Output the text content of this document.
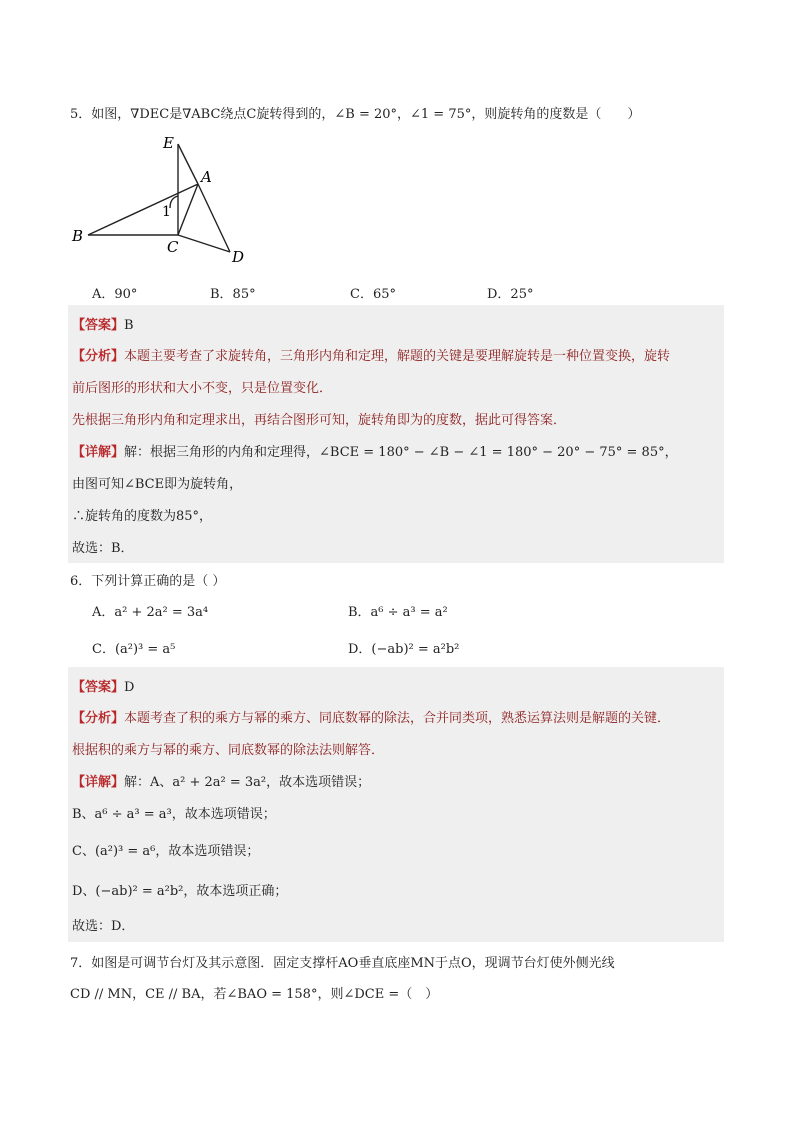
5．如图，∇DEC是∇ABC绕点C旋转得到的，∠B = 20°，∠1 = 75°，则旋转角的度数是（　　）
E
A
1
B
C
D
A．90°	B．85°	C．65°	D．25°
【答案】B
【分析】本题主要考查了求旋转角，三角形内角和定理，解题的关键是要理解旋转是一种位置变换，旋转
前后图形的形状和大小不变，只是位置变化．
先根据三角形内角和定理求出，再结合图形可知，旋转角即为的度数，据此可得答案．
【详解】解：根据三角形的内角和定理得，∠BCE = 180° − ∠B − ∠1 = 180° − 20° − 75° = 85°，
由图可知∠BCE即为旋转角，
∴旋转角的度数为85°，
故选：B．
6．下列计算正确的是（ ）
A．a² + 2a² = 3a⁴	B．a⁶ ÷ a³ = a²
C．(a²)³ = a⁵	D．(−ab)² = a²b²
【答案】D
【分析】本题考查了积的乘方与幂的乘方、同底数幂的除法，合并同类项，熟悉运算法则是解题的关键．
根据积的乘方与幂的乘方、同底数幂的除法法则解答．
【详解】解：A、a² + 2a² = 3a²，故本选项错误；
B、a⁶ ÷ a³ = a³，故本选项错误；
C、(a²)³ = a⁶，故本选项错误；
D、(−ab)² = a²b²，故本选项正确；
故选：D．
7．如图是可调节台灯及其示意图．固定支撑杆AO垂直底座MN于点O，现调节台灯使外侧光线
CD // MN，CE // BA，若∠BAO = 158°，则∠DCE =（　）
